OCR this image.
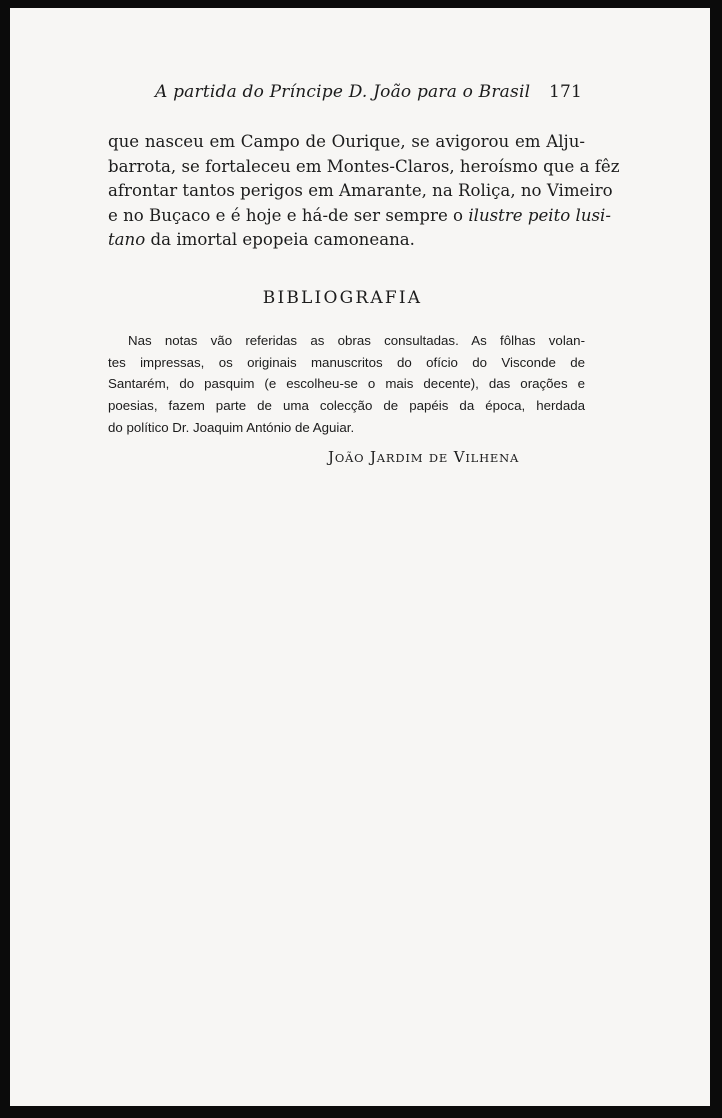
A partida do Príncipe D. João para o Brasil 171
que nasceu em Campo de Ourique, se avigorou em Alju-
barrota, se fortaleceu em Montes-Claros, heroísmo que a fêz
afrontar tantos perigos em Amarante, na Roliça, no Vimeiro
e no Buçaco e é hoje e há-de ser sempre o ilustre peito lusi-
tano da imortal epopeia camoneana.
BIBLIOGRAFIA
Nas notas vão referidas as obras consultadas. As fôlhas volan-
tes impressas, os originais manuscritos do ofício do Visconde de
Santarém, do pasquim (e escolheu-se o mais decente), das orações e
poesias, fazem parte de uma colecção de papéis da época, herdada
do político Dr. Joaquim António de Aguiar.
JOÃO JARDIM DE VILHENA
